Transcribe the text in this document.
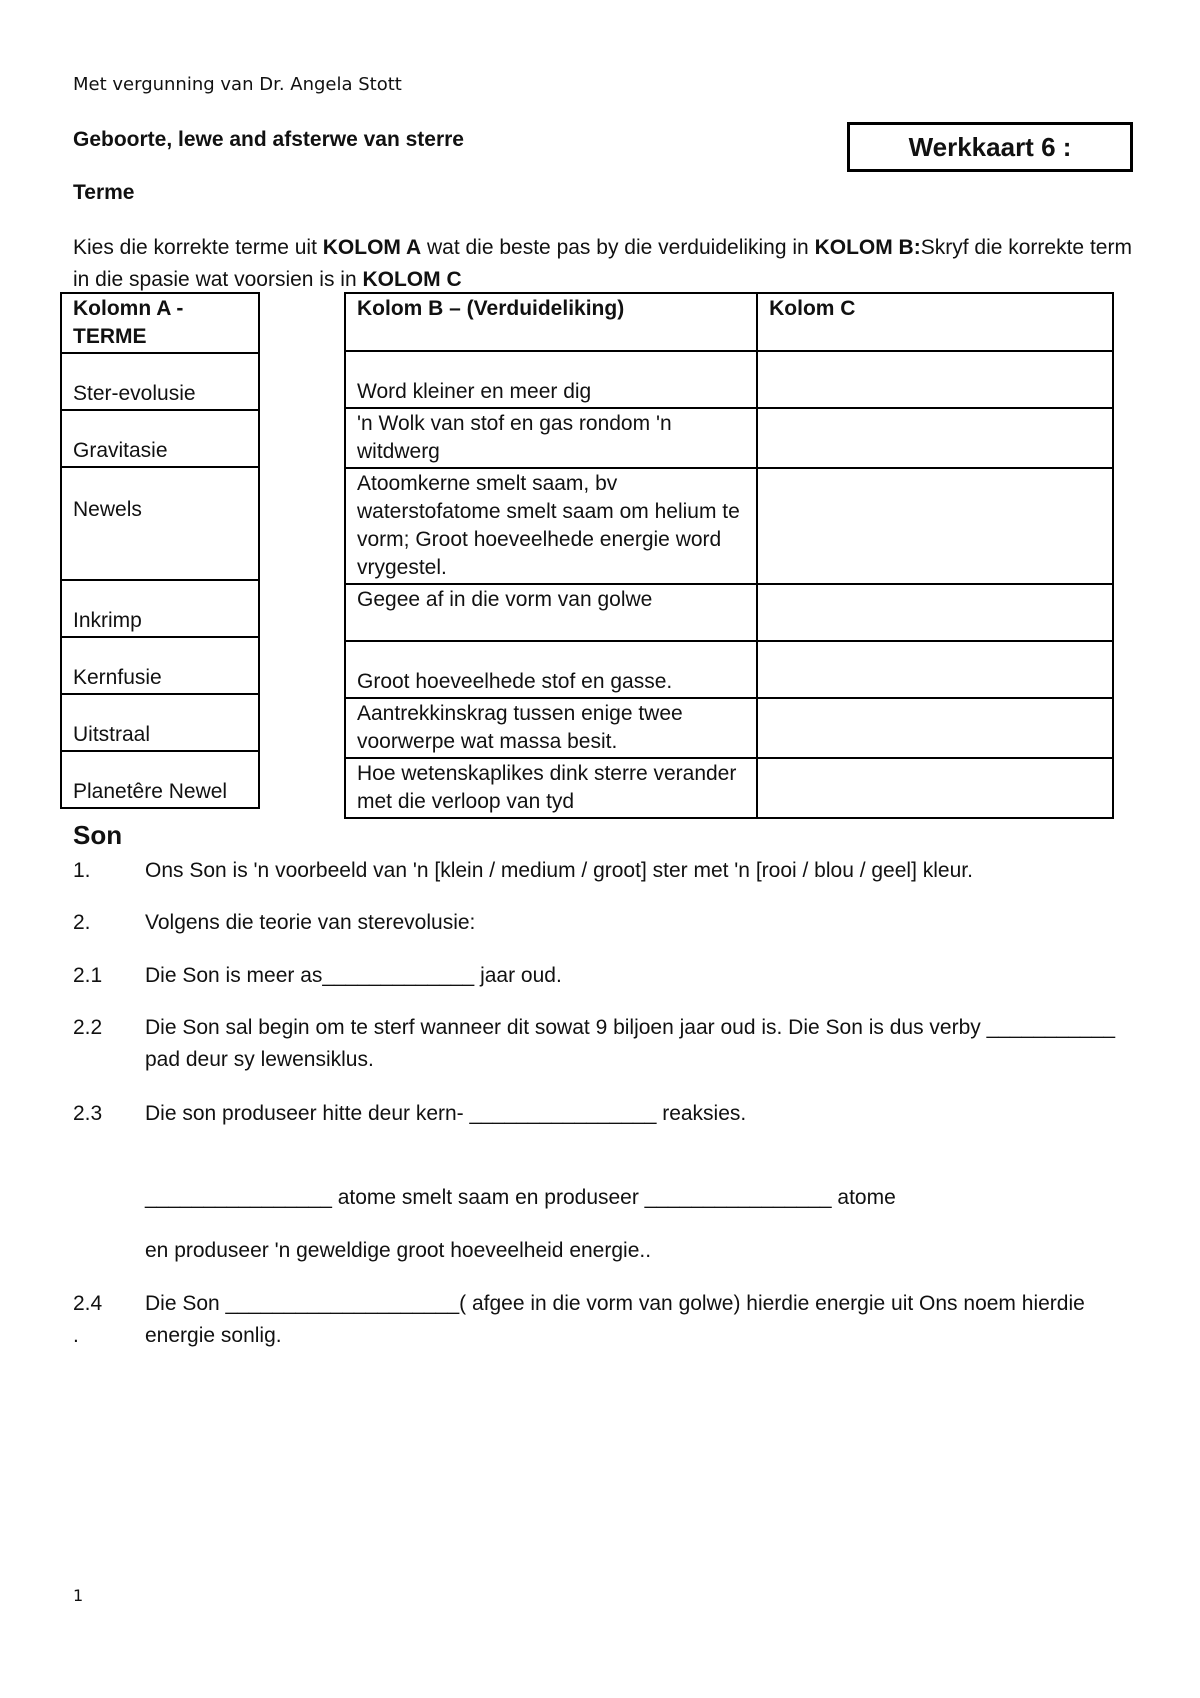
Met vergunning van Dr. Angela Stott
Geboorte, lewe and afsterwe van sterre	Werkkaart 6 :
Terme
Kies die korrekte terme uit KOLOM A wat die beste pas by die verduideliking in KOLOM B:Skryf die korrekte term in die spasie wat voorsien is in KOLOM C
Kolomn A - TERME
Ster-evolusie
Gravitasie
Newels
Inkrimp
Kernfusie
Uitstraal
Planetêre Newel
Kolom B – (Verduideliking)	Kolom C
Word kleiner en meer dig	
'n Wolk van stof en gas rondom 'n witdwerg	
Atoomkerne smelt saam, bv waterstofatome smelt saam om helium te vorm; Groot hoeveelhede energie word vrygestel.	
Gegee af in die vorm van golwe	
Groot hoeveelhede stof en gasse.	
Aantrekkinskrag tussen enige twee voorwerpe wat massa besit.	
Hoe wetenskaplikes dink sterre verander met die verloop van tyd	
Son
1.	Ons Son is 'n voorbeeld van 'n [klein / medium / groot] ster met 'n [rooi / blou / geel] kleur.
2.	Volgens die teorie van sterevolusie:
2.1	Die Son is meer as_____________ jaar oud.
2.2	Die Son sal begin om te sterf wanneer dit sowat 9 biljoen jaar oud is. Die Son is dus verby ___________ pad deur sy lewensiklus.
2.3	Die son produseer hitte deur kern- ________________ reaksies.
________________ atome smelt saam en produseer ________________ atome
en produseer 'n geweldige groot hoeveelheid energie..
2.4 .
Die Son ____________________( afgee in die vorm van golwe) hierdie energie uit Ons noem hierdie energie sonlig.
1
